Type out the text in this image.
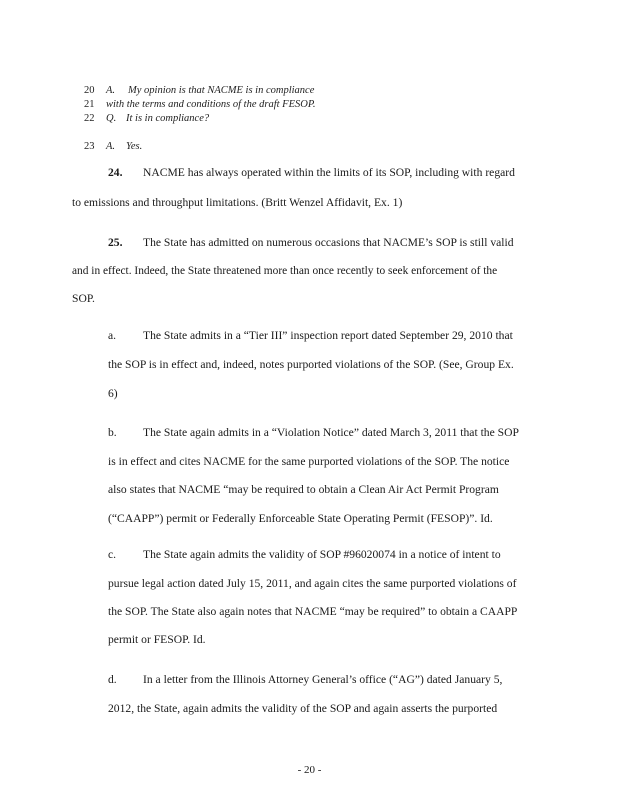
20 A. My opinion is that NACME is in compliance
21 with the terms and conditions of the draft FESOP.
22 Q. It is in compliance?
23 A. Yes.
24. NACME has always operated within the limits of its SOP, including with regard
to emissions and throughput limitations. (Britt Wenzel Affidavit, Ex. 1)
25. The State has admitted on numerous occasions that NACME’s SOP is still valid
and in effect. Indeed, the State threatened more than once recently to seek enforcement of the
SOP.
a. The State admits in a “Tier III” inspection report dated September 29, 2010 that
the SOP is in effect and, indeed, notes purported violations of the SOP. (See, Group Ex.
6)
b. The State again admits in a “Violation Notice” dated March 3, 2011 that the SOP
is in effect and cites NACME for the same purported violations of the SOP. The notice
also states that NACME “may be required to obtain a Clean Air Act Permit Program
(“CAAPP”) permit or Federally Enforceable State Operating Permit (FESOP)”. Id.
c. The State again admits the validity of SOP #96020074 in a notice of intent to
pursue legal action dated July 15, 2011, and again cites the same purported violations of
the SOP. The State also again notes that NACME “may be required” to obtain a CAAPP
permit or FESOP. Id.
d. In a letter from the Illinois Attorney General’s office (“AG”) dated January 5,
2012, the State, again admits the validity of the SOP and again asserts the purported
- 20 -
